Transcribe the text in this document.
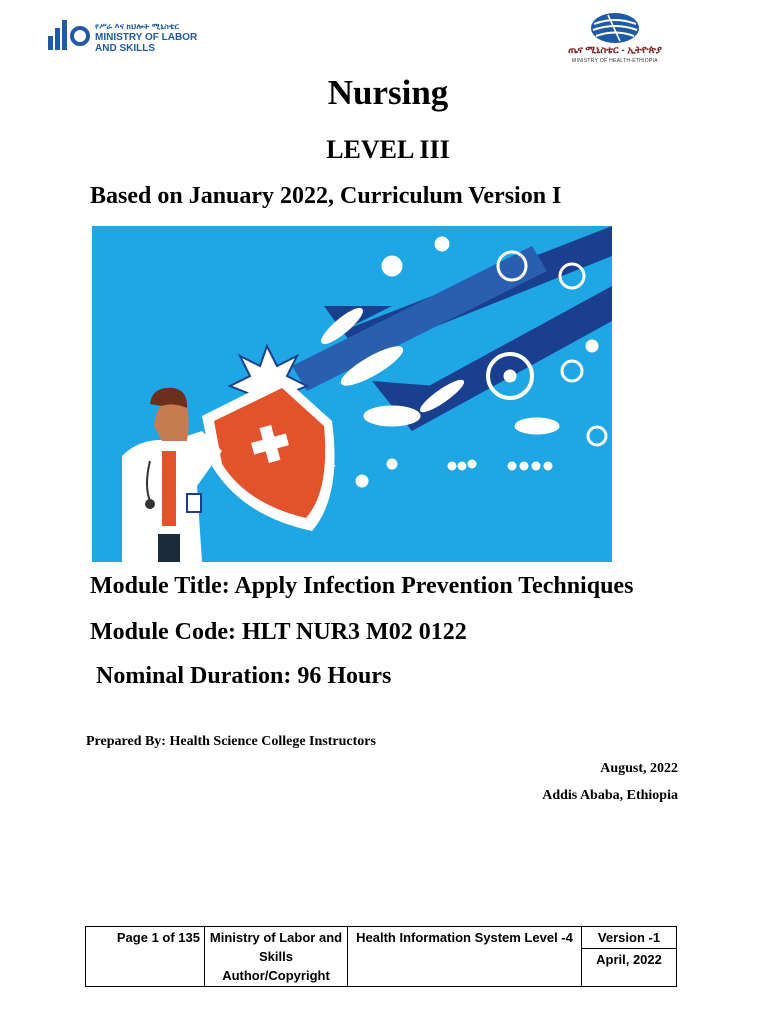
የሥራ እና ክህሎት ሚኒስቴር
MINISTRY OF LABOR
AND SKILLS	ጤና ሚኒስቴር - ኢትዮጵያ
MINISTRY OF HEALTH-ETHIOPIA
Nursing
LEVEL III
Based on January 2022, Curriculum Version I
Module Title: Apply Infection Prevention Techniques
Module Code: HLT NUR3 M02 0122
Nominal Duration: 96 Hours
Prepared By: Health Science College Instructors
August, 2022
Addis Ababa, Ethiopia
Page 1 of 135	Ministry of Labor and Skills Author/Copyright	Health Information System Level -4	Version -1
April, 2022
